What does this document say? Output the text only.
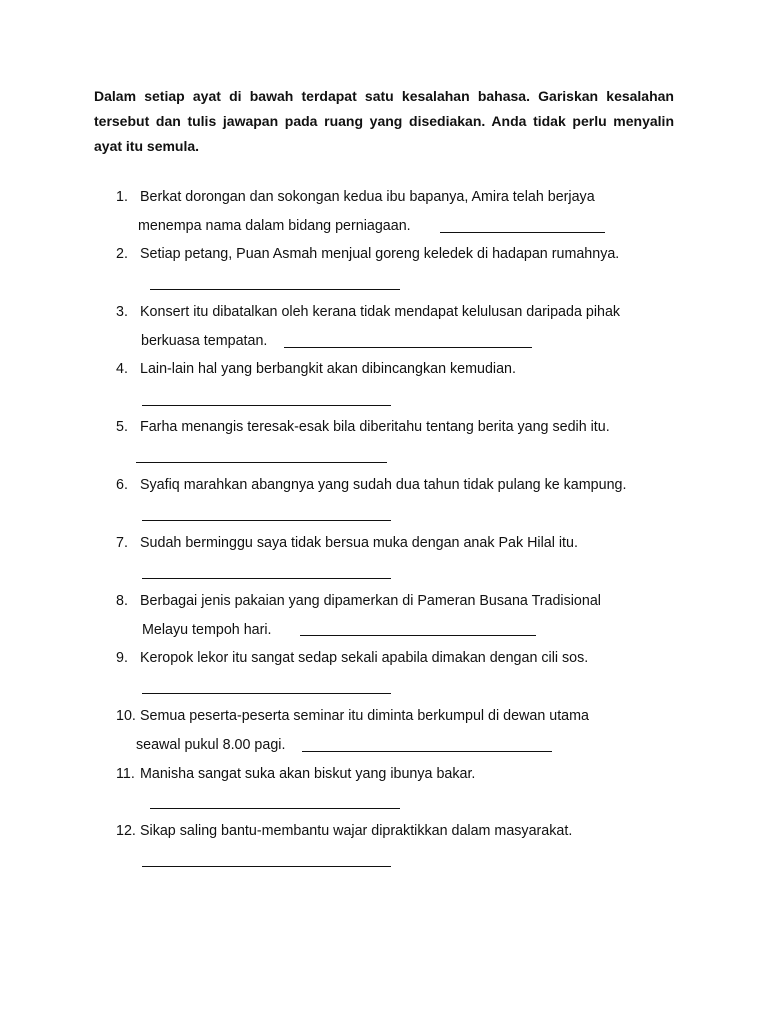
Dalam setiap ayat di bawah terdapat satu kesalahan bahasa. Gariskan kesalahan tersebut dan tulis jawapan pada ruang yang disediakan. Anda tidak perlu menyalin ayat itu semula.
1. Berkat dorongan dan sokongan kedua ibu bapanya, Amira telah berjaya
menempa nama dalam bidang perniagaan.
2. Setiap petang, Puan Asmah menjual goreng keledek di hadapan rumahnya.
3. Konsert itu dibatalkan oleh kerana tidak mendapat kelulusan daripada pihak
berkuasa tempatan.
4. Lain-lain hal yang berbangkit akan dibincangkan kemudian.
5. Farha menangis teresak-esak bila diberitahu tentang berita yang sedih itu.
6. Syafiq marahkan abangnya yang sudah dua tahun tidak pulang ke kampung.
7. Sudah berminggu saya tidak bersua muka dengan anak Pak Hilal itu.
8. Berbagai jenis pakaian yang dipamerkan di Pameran Busana Tradisional
Melayu tempoh hari.
9. Keropok lekor itu sangat sedap sekali apabila dimakan dengan cili sos.
10. Semua peserta-peserta seminar itu diminta berkumpul di dewan utama
seawal pukul 8.00 pagi.
11. Manisha sangat suka akan biskut yang ibunya bakar.
12. Sikap saling bantu-membantu wajar dipraktikkan dalam masyarakat.
